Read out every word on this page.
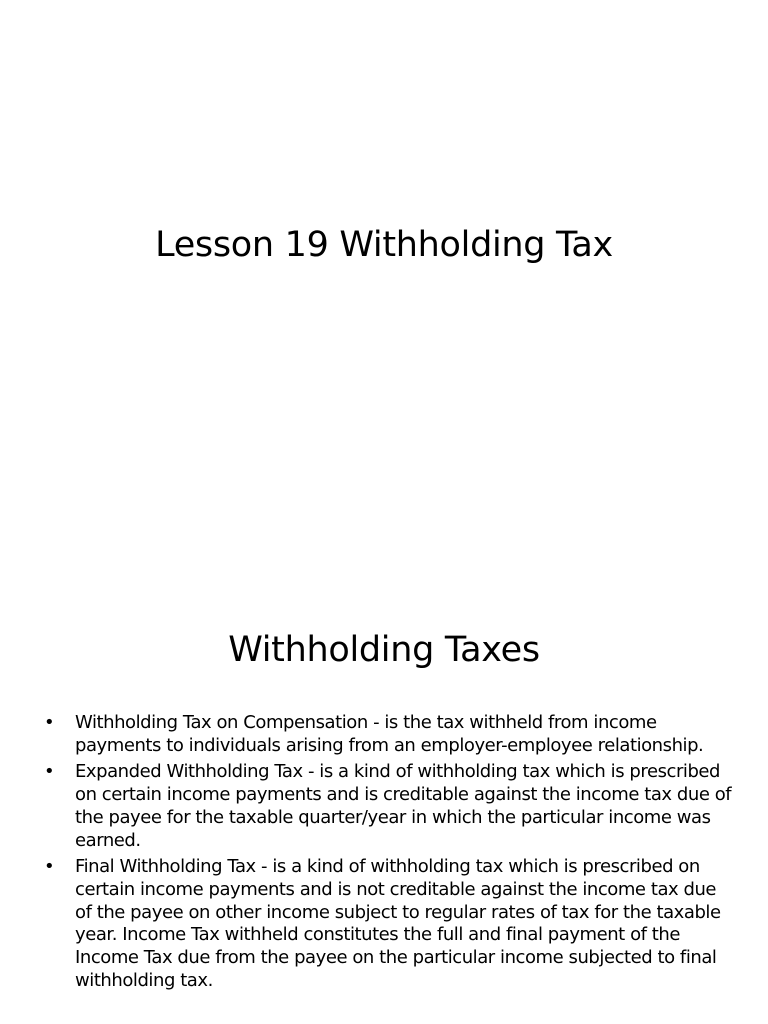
Lesson 19 Withholding Tax
Withholding Taxes
• Withholding Tax on Compensation - is the tax withheld from income payments to individuals arising from an employer-employee relationship.
• Expanded Withholding Tax - is a kind of withholding tax which is prescribed on certain income payments and is creditable against the income tax due of the payee for the taxable quarter/year in which the particular income was earned.
• Final Withholding Tax - is a kind of withholding tax which is prescribed on certain income payments and is not creditable against the income tax due of the payee on other income subject to regular rates of tax for the taxable year. Income Tax withheld constitutes the full and final payment of the Income Tax due from the payee on the particular income subjected to final withholding tax.
